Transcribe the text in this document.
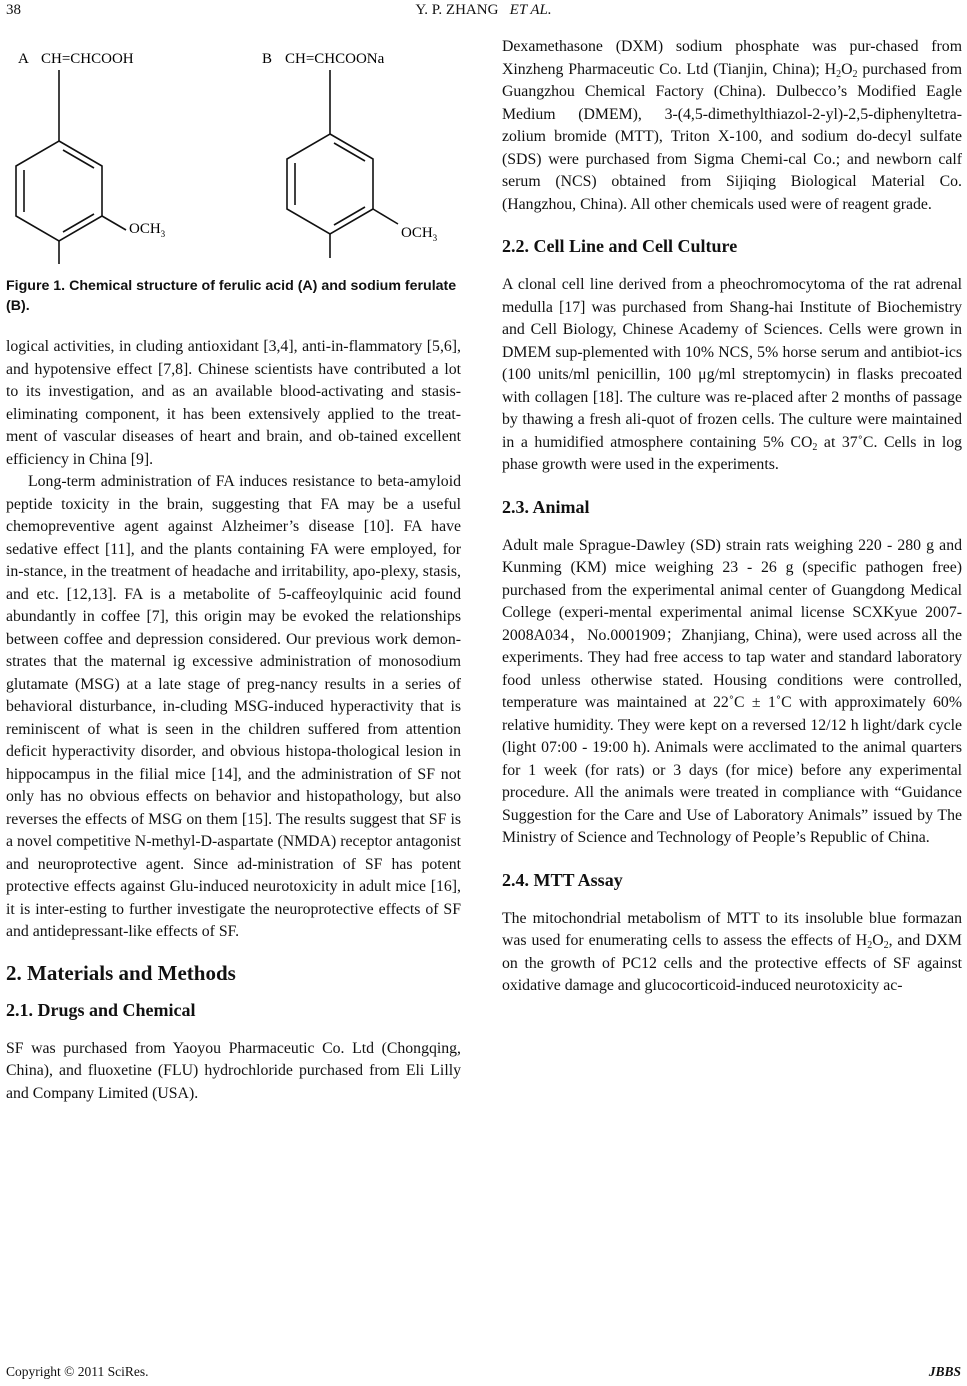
38	Y. P. ZHANG ET AL.
A CH=CHCOOH
$OCH_3$
B CH=CHCOONa
$OCH_3$
Figure 1. Chemical structure of ferulic acid (A) and sodium ferulate (B).

logical activities, in cluding antioxidant [3,4], anti-in-flammatory [5,6], and hypotensive effect [7,8]. Chinese scientists have contributed a lot to its investigation, and as an available blood-activating and stasis-eliminating component, it has been extensively applied to the treat-ment of vascular diseases of heart and brain, and ob-tained excellent efficiency in China [9].

Long-term administration of FA induces resistance to beta-amyloid peptide toxicity in the brain, suggesting that FA may be a useful chemopreventive agent against Alzheimer’s disease [10]. FA have sedative effect [11], and the plants containing FA were employed, for in-stance, in the treatment of headache and irritability, apo-plexy, stasis, and etc. [12,13]. FA is a metabolite of 5-caffeoylquinic acid found abundantly in coffee [7], this origin may be evoked the relationships between coffee and depression considered. Our previous work demon-strates that the maternal ig excessive administration of monosodium glutamate (MSG) at a late stage of preg-nancy results in a series of behavioral disturbance, in-cluding MSG-induced hyperactivity that is reminiscent of what is seen in the children suffered from attention deficit hyperactivity disorder, and obvious histopa-thological lesion in hippocampus in the filial mice [14], and the administration of SF not only has no obvious effects on behavior and histopathology, but also reverses the effects of MSG on them [15]. The results suggest that SF is a novel competitive N-methyl-D-aspartate (NMDA) receptor antagonist and neuroprotective agent. Since ad-ministration of SF has potent protective effects against Glu-induced neurotoxicity in adult mice [16], it is inter-esting to further investigate the neuroprotective effects of SF and antidepressant-like effects of SF.

2. Materials and Methods
2.1. Drugs and Chemical

SF was purchased from Yaoyou Pharmaceutic Co. Ltd (Chongqing, China), and fluoxetine (FLU) hydrochloride purchased from Eli Lilly and Company Limited (USA).

Dexamethasone (DXM) sodium phosphate was pur-chased from Xinzheng Pharmaceutic Co. Ltd (Tianjin, China); $H_2O_2$ purchased from Guangzhou Chemical Factory (China). Dulbecco’s Modified Eagle Medium (DMEM), 3-(4,5-dimethylthiazol-2-yl)-2,5-diphenyltetra-zolium bromide (MTT), Triton X-100, and sodium do-decyl sulfate (SDS) were purchased from Sigma Chemi-cal Co.; and newborn calf serum (NCS) obtained from Sijiqing Biological Material Co. (Hangzhou, China). All other chemicals used were of reagent grade.

2.2. Cell Line and Cell Culture

A clonal cell line derived from a pheochromocytoma of the rat adrenal medulla [17] was purchased from Shang-hai Institute of Biochemistry and Cell Biology, Chinese Academy of Sciences. Cells were grown in DMEM sup-plemented with 10% NCS, 5% horse serum and antibiot-ics (100 units/ml penicillin, 100 μg/ml streptomycin) in flasks precoated with collagen [18]. The culture was re-placed after 2 months of passage by thawing a fresh ali-quot of frozen cells. The culture were maintained in a humidified atmosphere containing 5% $CO_2$ at 37˚C. Cells in log phase growth were used in the experiments.

2.3. Animal

Adult male Sprague-Dawley (SD) strain rats weighing 220 - 280 g and Kunming (KM) mice weighing 23 - 26 g (specific pathogen free) purchased from the experimental animal center of Guangdong Medical College (experi-mental experimental animal license SCXKyue 2007-2008A034，No.0001909；Zhanjiang, China), were used across all the experiments. They had free access to tap water and standard laboratory food unless otherwise stated. Housing conditions were controlled, temperature was maintained at 22˚C ± 1˚C with approximately 60% relative humidity. They were kept on a reversed 12/12 h light/dark cycle (light 07:00 - 19:00 h). Animals were acclimated to the animal quarters for 1 week (for rats) or 3 days (for mice) before any experimental procedure. All the animals were treated in compliance with “Guidance Suggestion for the Care and Use of Laboratory Animals” issued by The Ministry of Science and Technology of People’s Republic of China.

2.4. MTT Assay

The mitochondrial metabolism of MTT to its insoluble blue formazan was used for enumerating cells to assess the effects of $H_2O_2$, and DXM on the growth of PC12 cells and the protective effects of SF against oxidative damage and glucocorticoid-induced neurotoxicity ac-

Copyright © 2011 SciRes.	JBBS
